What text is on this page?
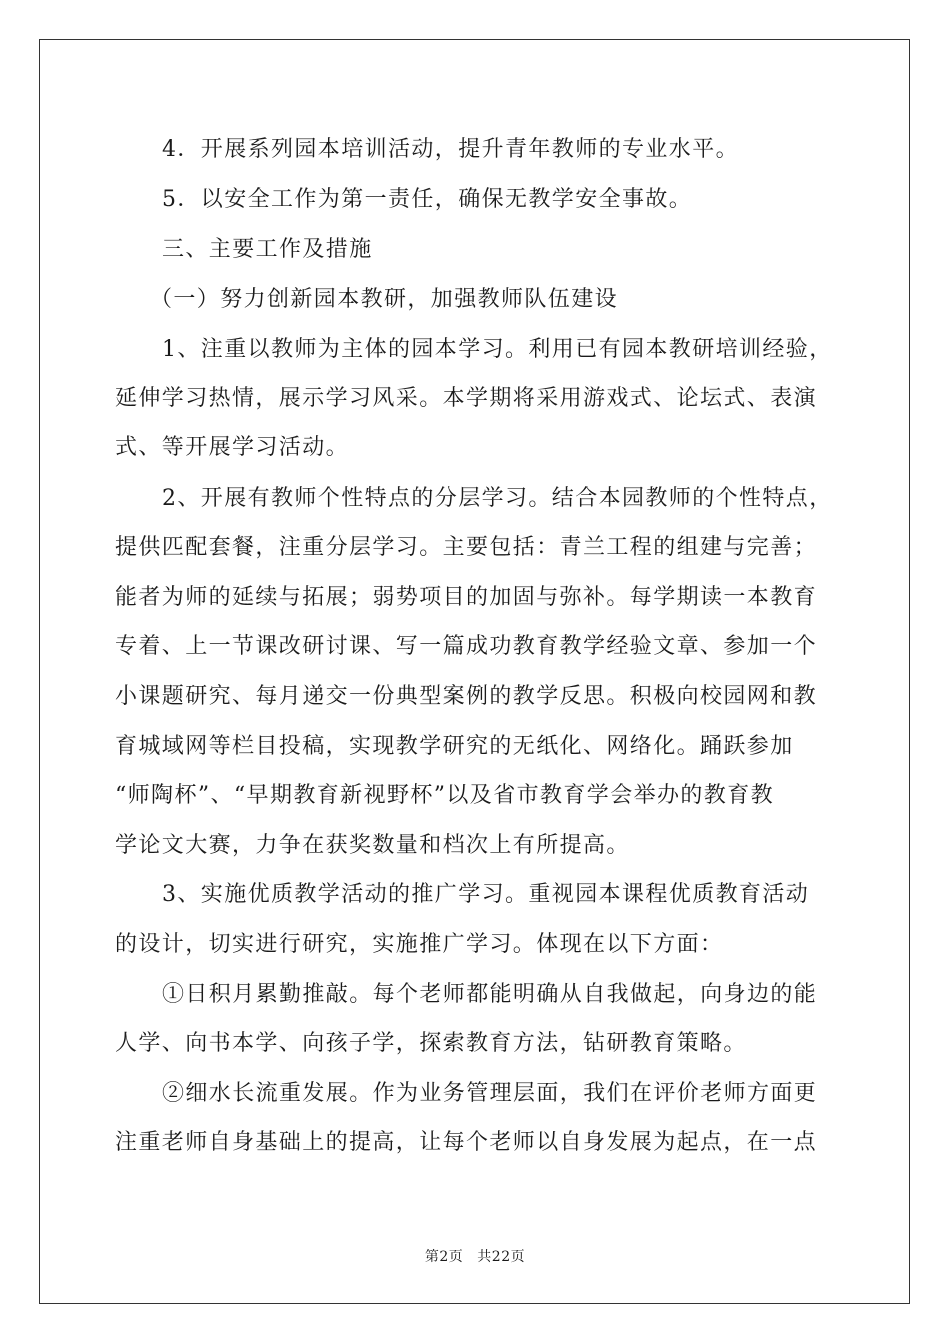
4．开展系列园本培训活动，提升青年教师的专业水平。
5．以安全工作为第一责任，确保无教学安全事故。
三、主要工作及措施
（一）努力创新园本教研，加强教师队伍建设
1、注重以教师为主体的园本学习。利用已有园本教研培训经验，
延伸学习热情，展示学习风采。本学期将采用游戏式、论坛式、表演
式、等开展学习活动。
2、开展有教师个性特点的分层学习。结合本园教师的个性特点，
提供匹配套餐，注重分层学习。主要包括：青兰工程的组建与完善；
能者为师的延续与拓展；弱势项目的加固与弥补。每学期读一本教育
专着、上一节课改研讨课、写一篇成功教育教学经验文章、参加一个
小课题研究、每月递交一份典型案例的教学反思。积极向校园网和教
育城域网等栏目投稿，实现教学研究的无纸化、网络化。踊跃参加
“师陶杯”、“早期教育新视野杯”以及省市教育学会举办的教育教
学论文大赛，力争在获奖数量和档次上有所提高。
3、实施优质教学活动的推广学习。重视园本课程优质教育活动
的设计，切实进行研究，实施推广学习。体现在以下方面：
①日积月累勤推敲。每个老师都能明确从自我做起，向身边的能
人学、向书本学、向孩子学，探索教育方法，钻研教育策略。
②细水长流重发展。作为业务管理层面，我们在评价老师方面更
注重老师自身基础上的提高，让每个老师以自身发展为起点，在一点
第2页 共22页
